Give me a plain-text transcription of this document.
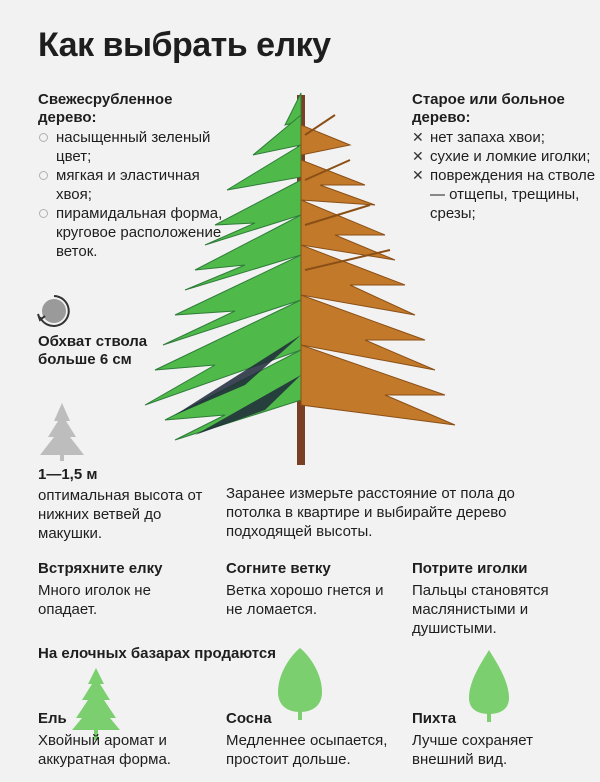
Как выбрать елку
Свежесрубленное дерево:
насыщенный зеленый цвет;
мягкая и эластичная хвоя;
пирамидальная форма, круговое расположение веток.
Старое или больное дерево:
✕ нет запаха хвои;
✕ сухие и ломкие иголки;
✕ повреждения на стволе — отщепы, трещины, срезы;
Обхват ствола больше 6 см
1—1,5 м
оптимальная высота от нижних ветвей до макушки.
Заранее измерьте расстояние от пола до потолка в квартире и выбирайте дерево подходящей высоты.
Встряхните елку
Много иголок не опадает.
Согните ветку
Ветка хорошо гнется и не ломается.
Потрите иголки
Пальцы становятся маслянистыми и душистыми.
На елочных базарах продаются
Ель
Хвойный аромат и аккуратная форма.
Сосна
Медленнее осыпается, простоит дольше.
Пихта
Лучше сохраняет внешний вид.
